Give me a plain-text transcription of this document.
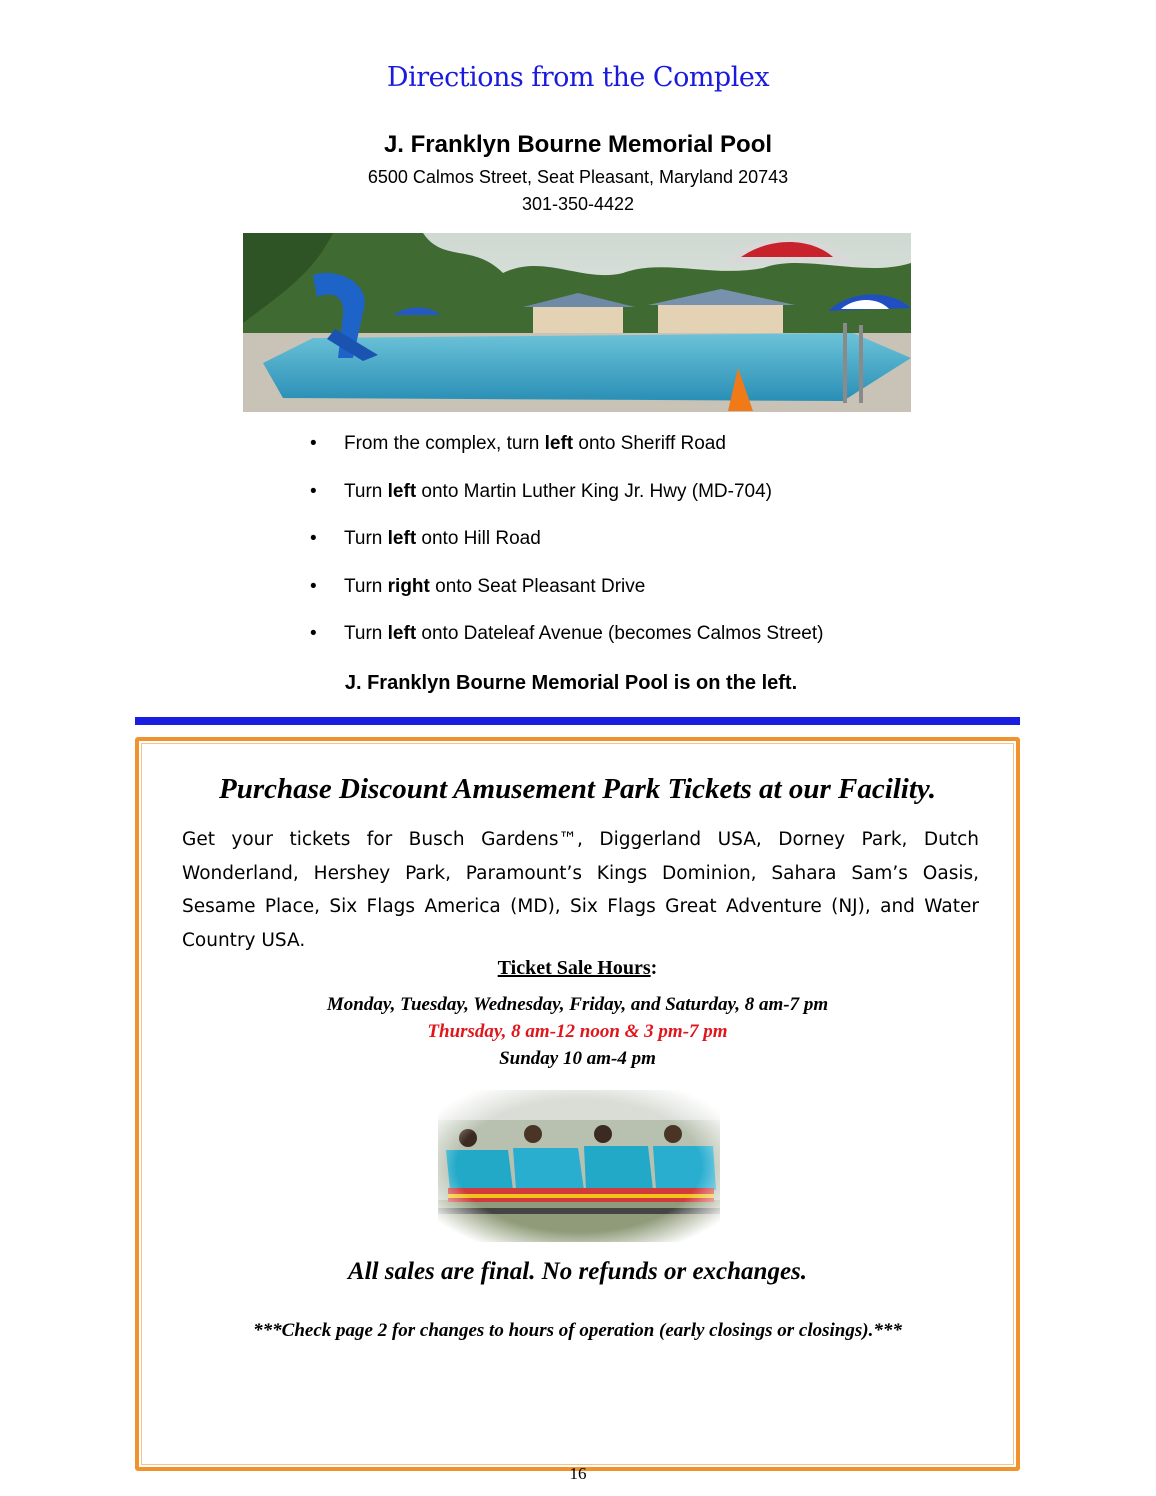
Directions from the Complex
J. Franklyn Bourne Memorial Pool
6500 Calmos Street, Seat Pleasant, Maryland 20743
301-350-4422
• From the complex, turn left onto Sheriff Road
• Turn left onto Martin Luther King Jr. Hwy (MD-704)
• Turn left onto Hill Road
• Turn right onto Seat Pleasant Drive
• Turn left onto Dateleaf Avenue (becomes Calmos Street)
J. Franklyn Bourne Memorial Pool is on the left.
Purchase Discount Amusement Park Tickets at our Facility.

Get your tickets for Busch Gardens™, Diggerland USA, Dorney Park, Dutch Wonderland, Hershey Park, Paramount’s Kings Dominion, Sahara Sam’s Oasis, Sesame Place, Six Flags America (MD), Six Flags Great Adventure (NJ), and Water Country USA.

Ticket Sale Hours:
Monday, Tuesday, Wednesday, Friday, and Saturday, 8 am-7 pm
Thursday, 8 am-12 noon & 3 pm-7 pm
Sunday 10 am-4 pm
All sales are final. No refunds or exchanges.
***Check page 2 for changes to hours of operation (early closings or closings).***
16
